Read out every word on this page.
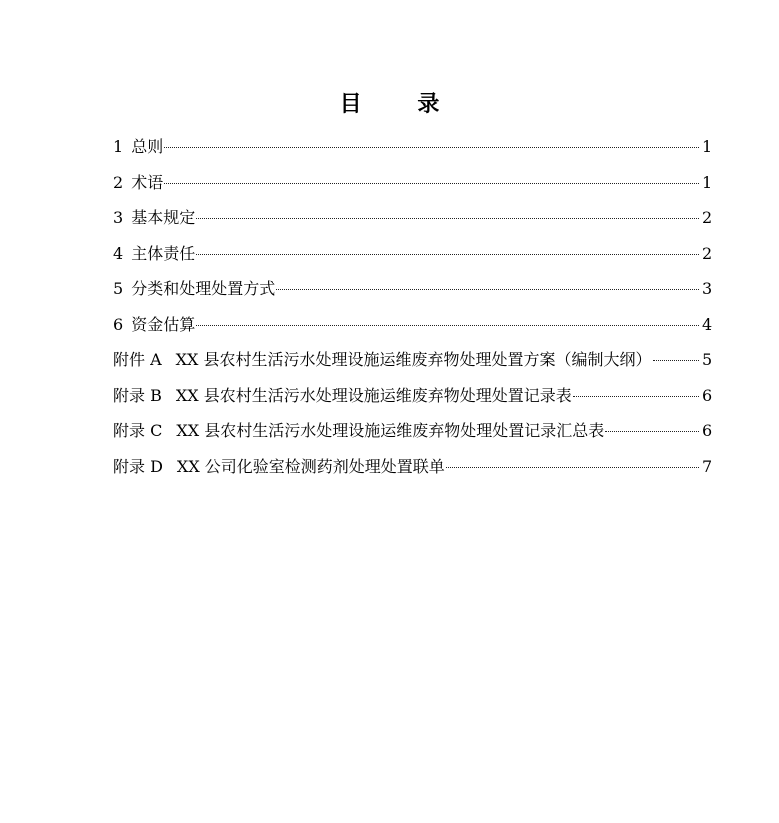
目 录
1 总则	1
2 术语	1
3 基本规定	2
4 主体责任	2
5 分类和处理处置方式	3
6 资金估算	4
附件 A XX 县农村生活污水处理设施运维废弃物处理处置方案（编制大纲）	5
附录 B XX 县农村生活污水处理设施运维废弃物处理处置记录表	6
附录 C XX 县农村生活污水处理设施运维废弃物处理处置记录汇总表	6
附录 D XX 公司化验室检测药剂处理处置联单	7
